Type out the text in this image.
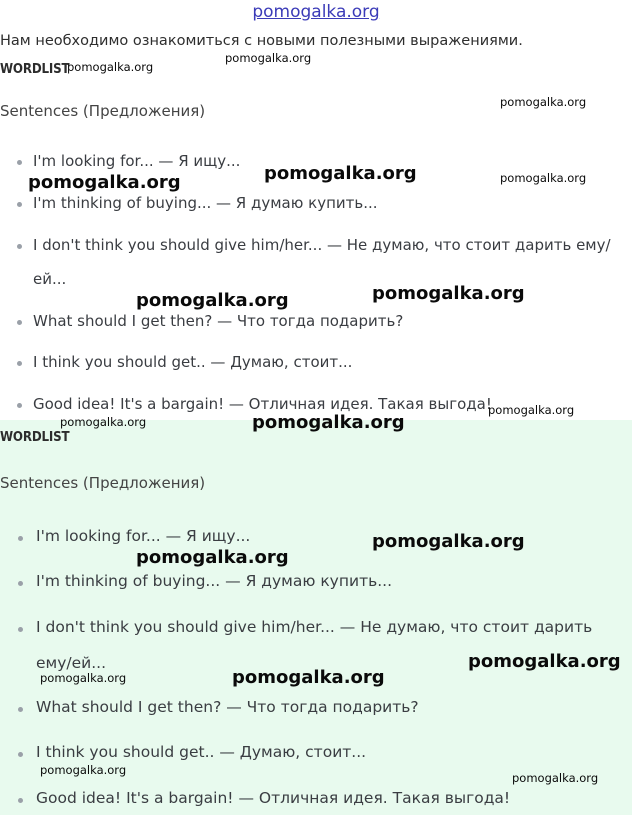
pomogalka.org
Нам необходимо ознакомиться с новыми полезными выражениями.
WORDLIST
Sentences (Предложения)
I'm looking for... — Я ищу...
I'm thinking of buying... — Я думаю купить...
I don't think you should give him/her... — Не думаю, что стоит дарить ему/
ей...
What should I get then? — Что тогда подарить?
I think you should get.. — Думаю, стоит...
Good idea! It's a bargain! — Отличная идея. Такая выгода!
WORDLIST
Sentences (Предложения)
I'm looking for... — Я ищу...
I'm thinking of buying... — Я думаю купить...
I don't think you should give him/her... — Не думаю, что стоит дарить
ему/ей...
What should I get then? — Что тогда подарить?
I think you should get.. — Думаю, стоит...
Good idea! It's a bargain! — Отличная идея. Такая выгода!
pomogalka.org
pomogalka.org
pomogalka.org
pomogalka.org	pomogalka.org	pomogalka.org
pomogalka.org	pomogalka.org
pomogalka.org
pomogalka.org	pomogalka.org
pomogalka.org
pomogalka.org
pomogalka.org
pomogalka.org	pomogalka.org
pomogalka.org
pomogalka.org
